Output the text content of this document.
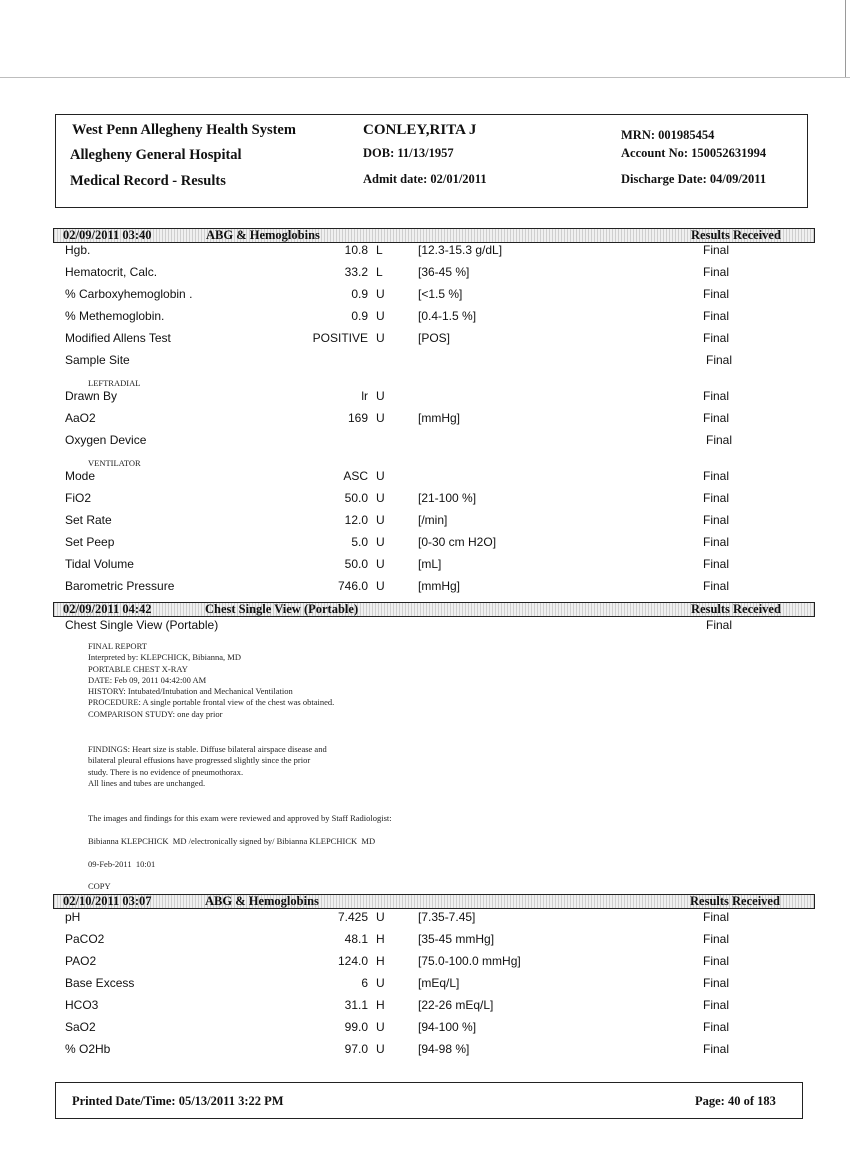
West Penn Allegheny Health System
Allegheny General Hospital
Medical Record - Results
CONLEY,RITA J
DOB: 11/13/1957
Admit date: 02/01/2011
MRN: 001985454
Account No: 150052631994
Discharge Date: 04/09/2011
02/09/2011 03:40	ABG & Hemoglobins	Results Received
Hgb.	10.8 L	[12.3-15.3 g/dL]	Final
Hematocrit, Calc.	33.2 L	[36-45 %]	Final
% Carboxyhemoglobin .	0.9 U	[<1.5 %]	Final
% Methemoglobin.	0.9 U	[0.4-1.5 %]	Final
Modified Allens Test	POSITIVE U	[POS]	Final
Sample Site	Final
Drawn By	lr U	Final
AaO2	169 U	[mmHg]	Final
Oxygen Device	Final
Mode	ASC U	Final
FiO2	50.0 U	[21-100 %]	Final
Set Rate	12.0 U	[/min]	Final
Set Peep	5.0 U	[0-30 cm H2O]	Final
Tidal Volume	50.0 U	[mL]	Final
Barometric Pressure	746.0 U	[mmHg]	Final
LEFTRADIAL
VENTILATOR
02/09/2011 04:42	Chest Single View (Portable)	Results Received
Chest Single View (Portable)	Final
FINAL REPORT
Interpreted by: KLEPCHICK, Bibianna, MD
PORTABLE CHEST X-RAY
DATE: Feb 09, 2011 04:42:00 AM
HISTORY: Intubated/Intubation and Mechanical Ventilation
PROCEDURE: A single portable frontal view of the chest was obtained.
COMPARISON STUDY: one day prior
FINDINGS: Heart size is stable. Diffuse bilateral airspace disease and
bilateral pleural effusions have progressed slightly since the prior
study. There is no evidence of pneumothorax.
All lines and tubes are unchanged.
The images and findings for this exam were reviewed and approved by Staff Radiologist:
Bibianna KLEPCHICK  MD /electronically signed by/ Bibianna KLEPCHICK  MD
09-Feb-2011  10:01
COPY
02/10/2011 03:07	ABG & Hemoglobins	Results Received
pH	7.425 U	[7.35-7.45]	Final
PaCO2	48.1 H	[35-45 mmHg]	Final
PAO2	124.0 H	[75.0-100.0 mmHg]	Final
Base Excess	6 U	[mEq/L]	Final
HCO3	31.1 H	[22-26 mEq/L]	Final
SaO2	99.0 U	[94-100 %]	Final
% O2Hb	97.0 U	[94-98 %]	Final
Printed Date/Time: 05/13/2011 3:22 PM	Page: 40 of 183
